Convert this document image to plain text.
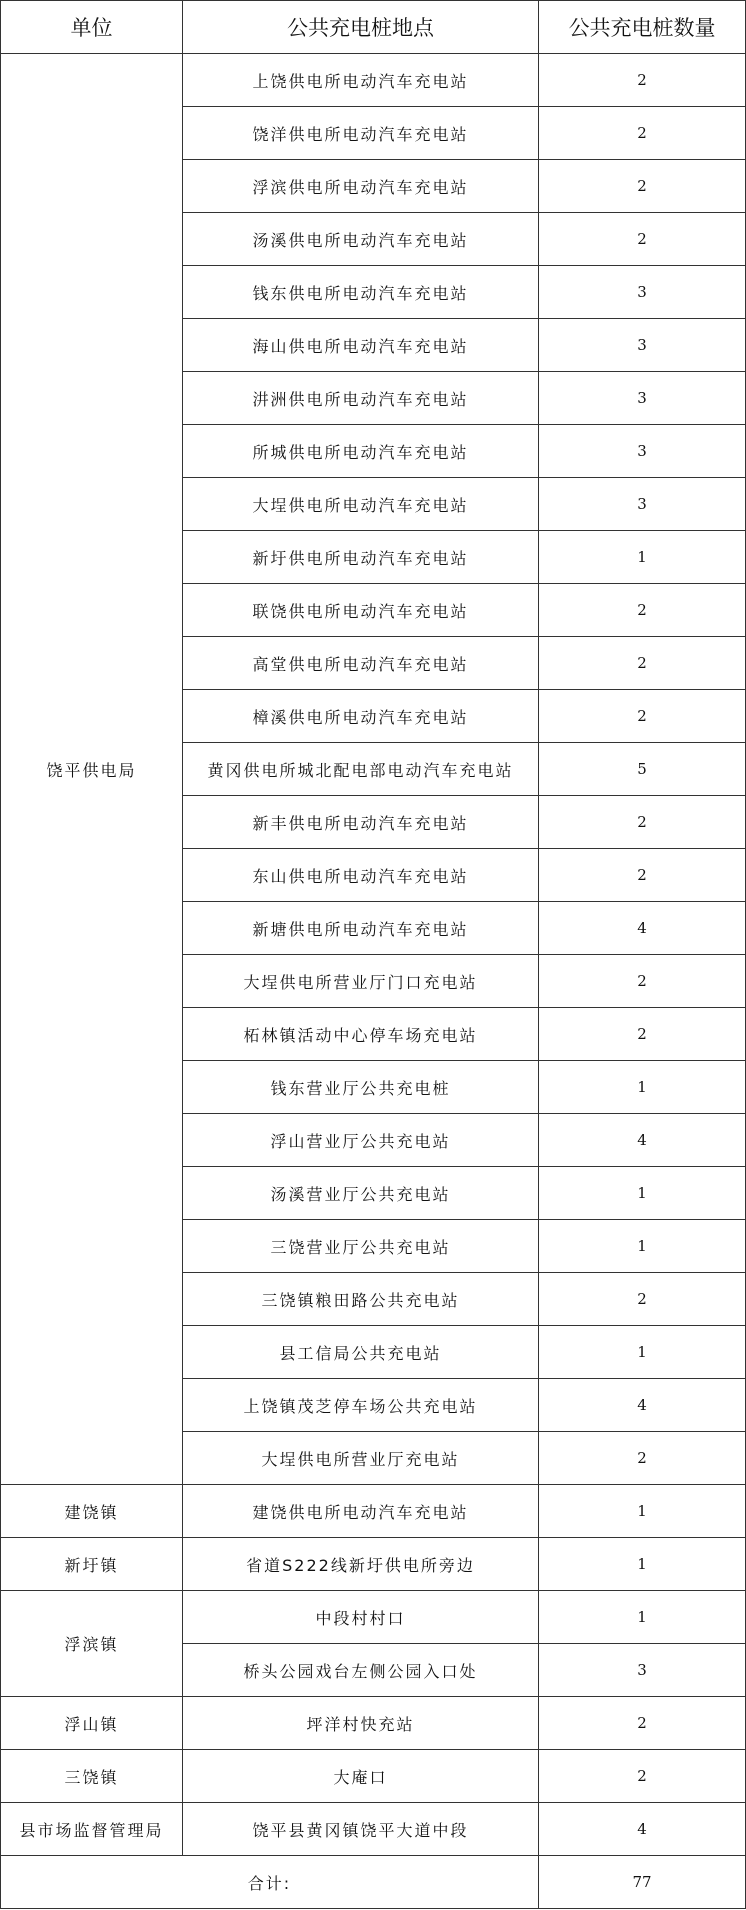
单位	公共充电桩地点	公共充电桩数量
饶平供电局	上饶供电所电动汽车充电站	2
	饶洋供电所电动汽车充电站	2
	浮滨供电所电动汽车充电站	2
	汤溪供电所电动汽车充电站	2
	钱东供电所电动汽车充电站	3
	海山供电所电动汽车充电站	3
	汫洲供电所电动汽车充电站	3
	所城供电所电动汽车充电站	3
	大埕供电所电动汽车充电站	3
	新圩供电所电动汽车充电站	1
	联饶供电所电动汽车充电站	2
	高堂供电所电动汽车充电站	2
	樟溪供电所电动汽车充电站	2
	黄冈供电所城北配电部电动汽车充电站	5
	新丰供电所电动汽车充电站	2
	东山供电所电动汽车充电站	2
	新塘供电所电动汽车充电站	4
	大埕供电所营业厅门口充电站	2
	柘林镇活动中心停车场充电站	2
	钱东营业厅公共充电桩	1
	浮山营业厅公共充电站	4
	汤溪营业厅公共充电站	1
	三饶营业厅公共充电站	1
	三饶镇粮田路公共充电站	2
	县工信局公共充电站	1
	上饶镇茂芝停车场公共充电站	4
	大埕供电所营业厅充电站	2
建饶镇	建饶供电所电动汽车充电站	1
新圩镇	省道S222线新圩供电所旁边	1
浮滨镇	中段村村口	1
	桥头公园戏台左侧公园入口处	3
浮山镇	坪洋村快充站	2
三饶镇	大庵口	2
县市场监督管理局	饶平县黄冈镇饶平大道中段	4
合计:		77
